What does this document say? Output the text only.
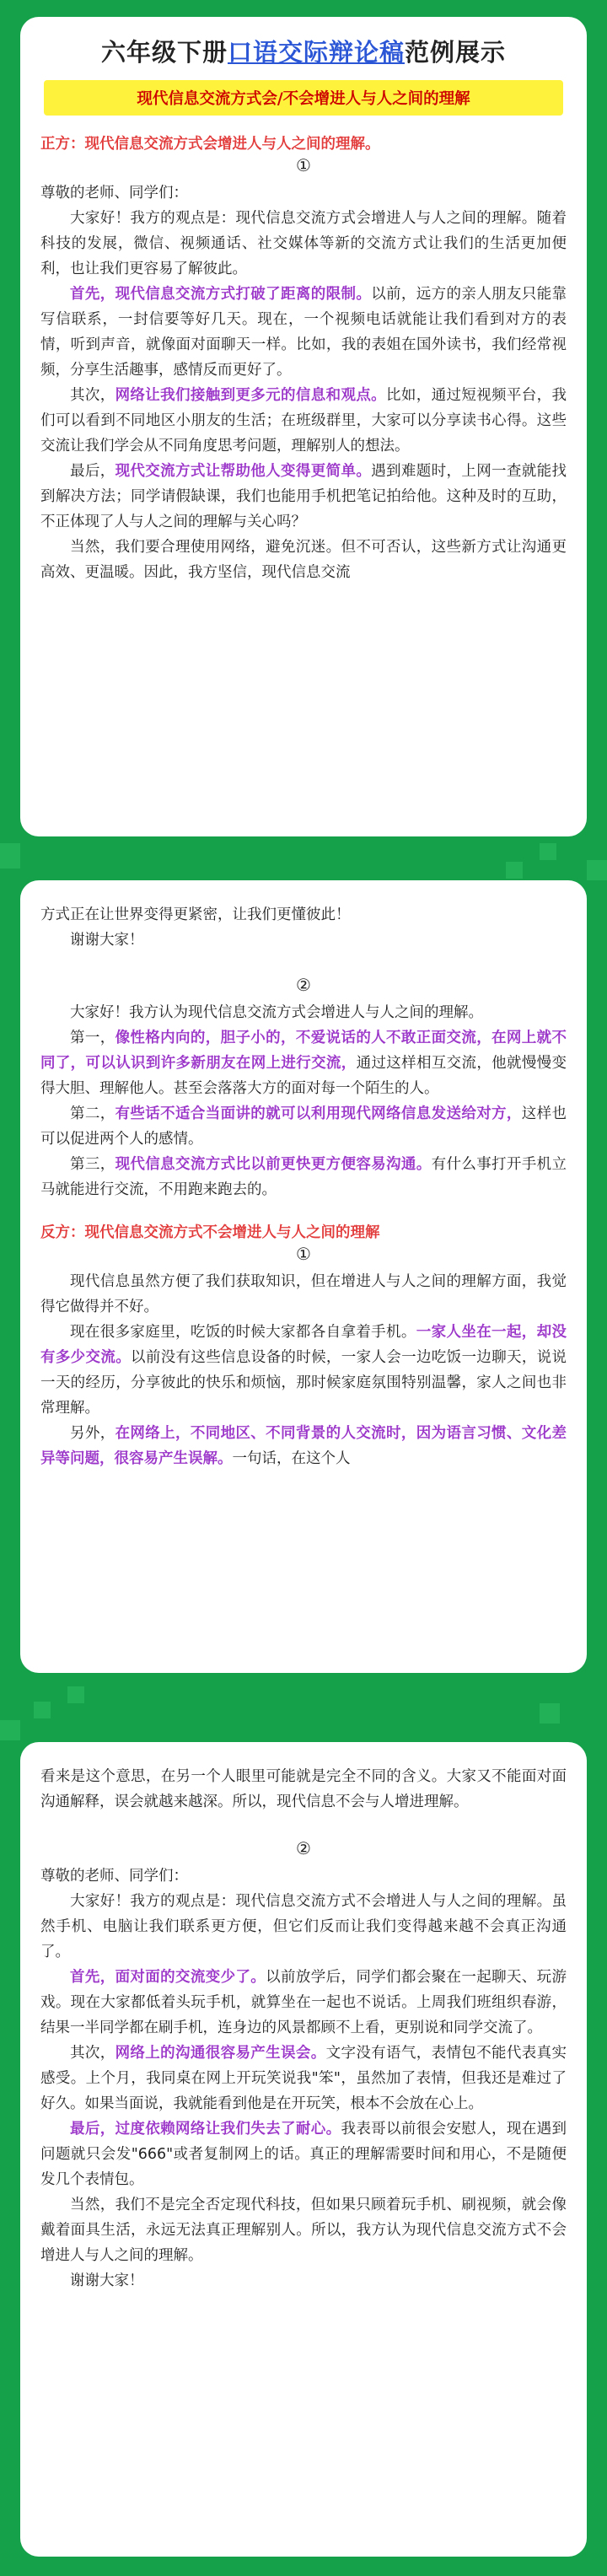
六年级下册口语交际辩论稿范例展示
现代信息交流方式会/不会增进人与人之间的理解
正方：现代信息交流方式会增进人与人之间的理解。
①

尊敬的老师、同学们：

大家好！我方的观点是：现代信息交流方式会增进人与人之间的理解。随着科技的发展，微信、视频通话、社交媒体等新的交流方式让我们的生活更加便利，也让我们更容易了解彼此。

首先，现代信息交流方式打破了距离的限制。以前，远方的亲人朋友只能靠写信联系，一封信要等好几天。现在，一个视频电话就能让我们看到对方的表情，听到声音，就像面对面聊天一样。比如，我的表姐在国外读书，我们经常视频，分享生活趣事，感情反而更好了。

其次，网络让我们接触到更多元的信息和观点。比如，通过短视频平台，我们可以看到不同地区小朋友的生活；在班级群里，大家可以分享读书心得。这些交流让我们学会从不同角度思考问题，理解别人的想法。

最后，现代交流方式让帮助他人变得更简单。遇到难题时，上网一查就能找到解决方法；同学请假缺课，我们也能用手机把笔记拍给他。这种及时的互助，不正体现了人与人之间的理解与关心吗？

当然，我们要合理使用网络，避免沉迷。但不可否认，这些新方式让沟通更高效、更温暖。因此，我方坚信，现代信息交流

方式正在让世界变得更紧密，让我们更懂彼此！

谢谢大家！

②

大家好！我方认为现代信息交流方式会增进人与人之间的理解。

第一，像性格内向的，胆子小的，不爱说话的人不敢正面交流，在网上就不同了，可以认识到许多新朋友在网上进行交流，通过这样相互交流，他就慢慢变得大胆、理解他人。甚至会落落大方的面对每一个陌生的人。

第二，有些话不适合当面讲的就可以利用现代网络信息发送给对方，这样也可以促进两个人的感情。

第三，现代信息交流方式比以前更快更方便容易沟通。有什么事打开手机立马就能进行交流，不用跑来跑去的。

反方：现代信息交流方式不会增进人与人之间的理解
①

现代信息虽然方便了我们获取知识，但在增进人与人之间的理解方面，我觉得它做得并不好。

现在很多家庭里，吃饭的时候大家都各自拿着手机。一家人坐在一起，却没有多少交流。以前没有这些信息设备的时候，一家人会一边吃饭一边聊天，说说一天的经历，分享彼此的快乐和烦恼，那时候家庭氛围特别温馨，家人之间也非常理解。

另外，在网络上，不同地区、不同背景的人交流时，因为语言习惯、文化差异等问题，很容易产生误解。一句话，在这个人

看来是这个意思，在另一个人眼里可能就是完全不同的含义。大家又不能面对面沟通解释，误会就越来越深。所以，现代信息不会与人增进理解。

②

尊敬的老师、同学们：

大家好！我方的观点是：现代信息交流方式不会增进人与人之间的理解。虽然手机、电脑让我们联系更方便，但它们反而让我们变得越来越不会真正沟通了。

首先，面对面的交流变少了。以前放学后，同学们都会聚在一起聊天、玩游戏。现在大家都低着头玩手机，就算坐在一起也不说话。上周我们班组织春游，结果一半同学都在刷手机，连身边的风景都顾不上看，更别说和同学交流了。

其次，网络上的沟通很容易产生误会。文字没有语气，表情包不能代表真实感受。上个月，我同桌在网上开玩笑说我"笨"，虽然加了表情，但我还是难过了好久。如果当面说，我就能看到他是在开玩笑，根本不会放在心上。

最后，过度依赖网络让我们失去了耐心。我表哥以前很会安慰人，现在遇到问题就只会发"666"或者复制网上的话。真正的理解需要时间和用心，不是随便发几个表情包。

当然，我们不是完全否定现代科技，但如果只顾着玩手机、刷视频，就会像戴着面具生活，永远无法真正理解别人。所以，我方认为现代信息交流方式不会增进人与人之间的理解。

谢谢大家！
